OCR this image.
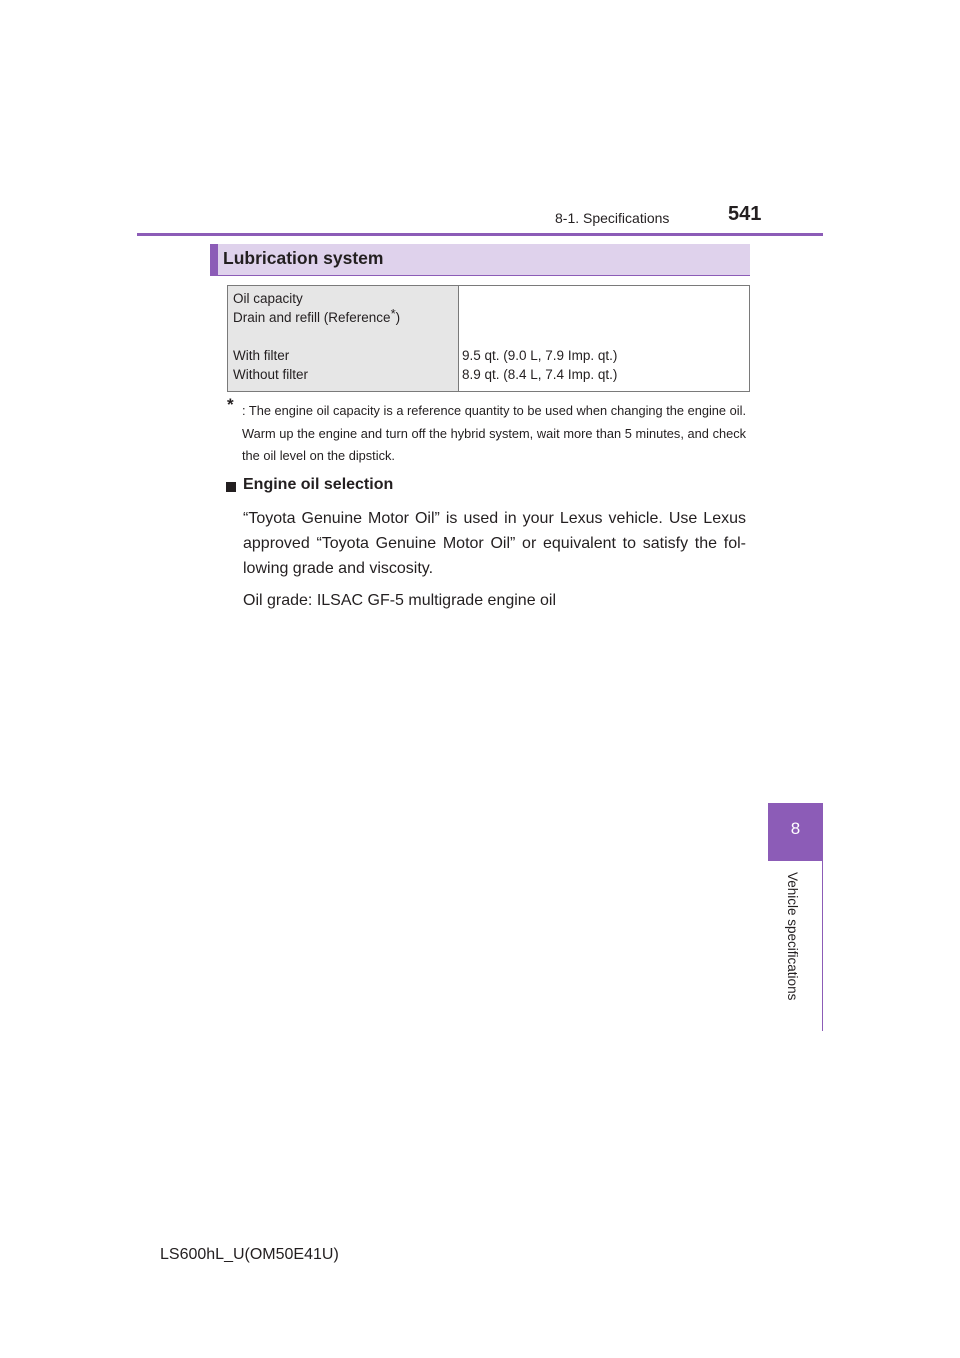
8-1. Specifications	541
Lubrication system
Oil capacity
Drain and refill (Reference*)
With filter
Without filter
9.5 qt. (9.0 L, 7.9 Imp. qt.)
8.9 qt. (8.4 L, 7.4 Imp. qt.)
* : The engine oil capacity is a reference quantity to be used when changing the engine oil. Warm up the engine and turn off the hybrid system, wait more than 5 minutes, and check the oil level on the dipstick.
Engine oil selection
“Toyota Genuine Motor Oil” is used in your Lexus vehicle. Use Lexus approved “Toyota Genuine Motor Oil” or equivalent to satisfy the fol-lowing grade and viscosity.
Oil grade: ILSAC GF-5 multigrade engine oil
8
Vehicle specifications
LS600hL_U(OM50E41U)
